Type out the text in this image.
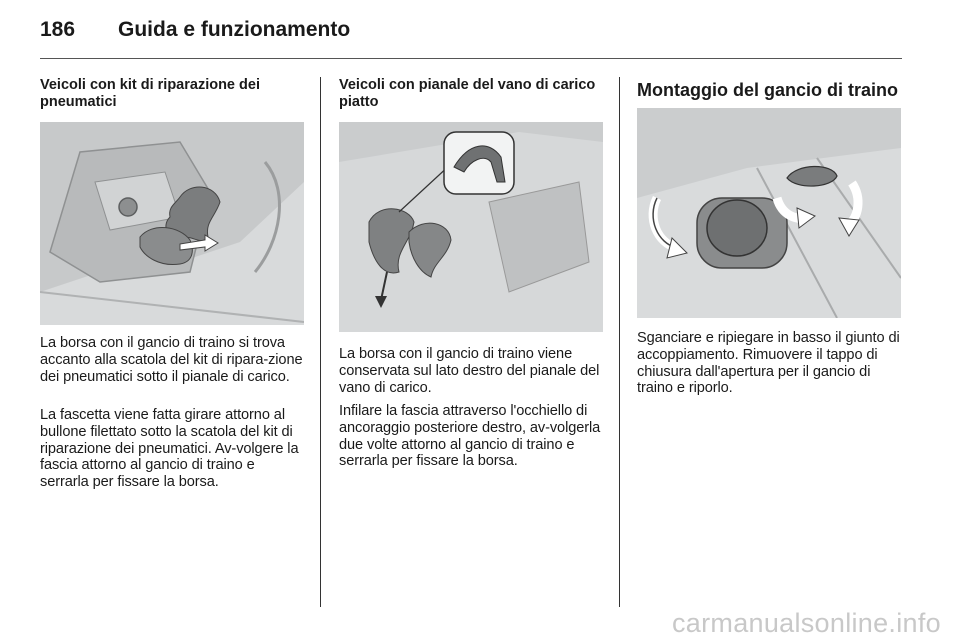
186 Guida e funzionamento

Veicoli con kit di riparazione dei pneumatici

La borsa con il gancio di traino si trova accanto alla scatola del kit di ripara-zione dei pneumatici sotto il pianale di carico.

La fascetta viene fatta girare attorno al bullone filettato sotto la scatola del kit di riparazione dei pneumatici. Av-volgere la fascia attorno al gancio di traino e serrarla per fissare la borsa.

Veicoli con pianale del vano di carico piatto

La borsa con il gancio di traino viene conservata sul lato destro del pianale del vano di carico.

Infilare la fascia attraverso l'occhiello di ancoraggio posteriore destro, av-volgerla due volte attorno al gancio di traino e serrarla per fissare la borsa.

Montaggio del gancio di traino

Sganciare e ripiegare in basso il giunto di accoppiamento. Rimuovere il tappo di chiusura dall'apertura per il gancio di traino e riporlo.

carmanualsonline.info
